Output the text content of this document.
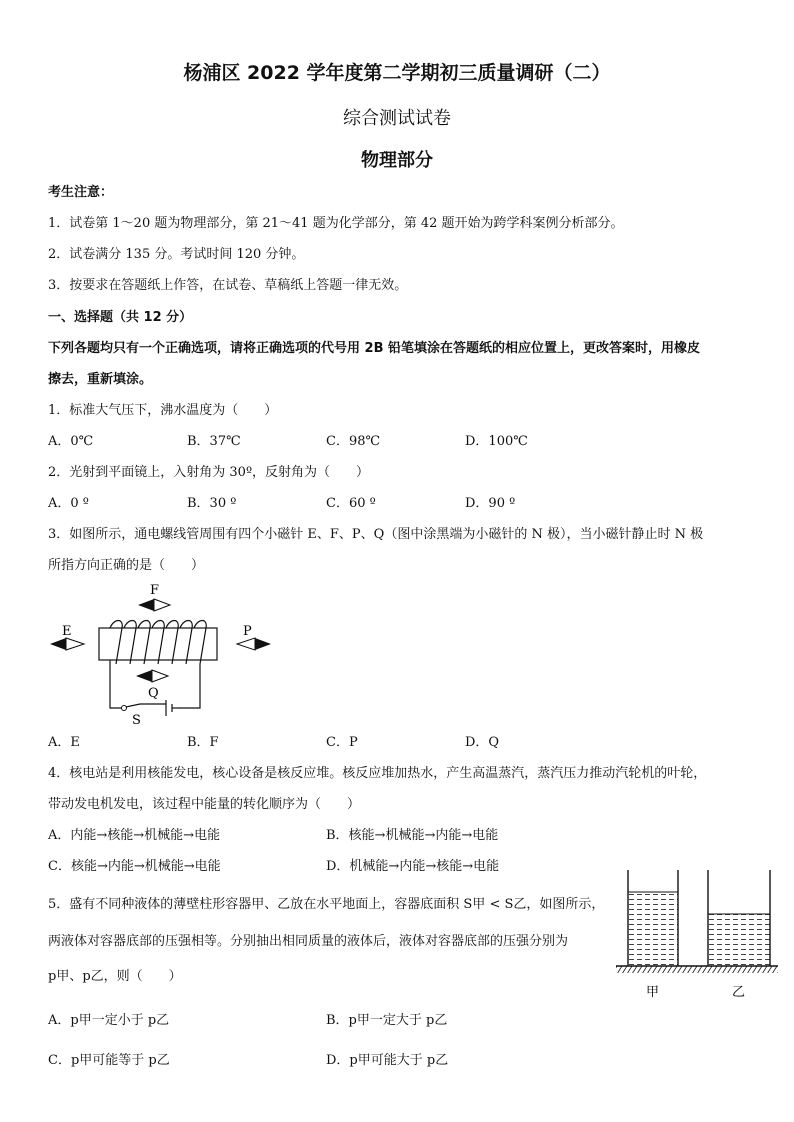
杨浦区 2022 学年度第二学期初三质量调研（二）
综合测试试卷
物理部分
考生注意：
1．试卷第 1～20 题为物理部分，第 21～41 题为化学部分，第 42 题开始为跨学科案例分析部分。
2．试卷满分 135 分。考试时间 120 分钟。
3．按要求在答题纸上作答，在试卷、草稿纸上答题一律无效。
一、选择题（共 12 分）
下列各题均只有一个正确选项，请将正确选项的代号用 2B 铅笔填涂在答题纸的相应位置上，更改答案时，用橡皮
擦去，重新填涂。
1．标准大气压下，沸水温度为（　　）
A．0℃	B．37℃	C．98℃	D．100℃
2．光射到平面镜上，入射角为 30º，反射角为（　　）
A．0 º	B．30 º	C．60 º	D．90 º
3．如图所示，通电螺线管周围有四个小磁针 E、F、P、Q（图中涂黑端为小磁针的 N 极），当小磁针静止时 N 极
所指方向正确的是（　　）
F
E	P
Q
S
A．E	B．F	C．P	D．Q
4．核电站是利用核能发电，核心设备是核反应堆。核反应堆加热水，产生高温蒸汽，蒸汽压力推动汽轮机的叶轮，
带动发电机发电，该过程中能量的转化顺序为（　　）
A．内能→核能→机械能→电能	B．核能→机械能→内能→电能
C．核能→内能→机械能→电能	D．机械能→内能→核能→电能
5．盛有不同种液体的薄壁柱形容器甲、乙放在水平地面上，容器底面积 S甲 < S乙，如图所示，
两液体对容器底部的压强相等。分别抽出相同质量的液体后，液体对容器底部的压强分别为
p甲、p乙，则（　　）
甲	乙
A．p甲一定小于 p乙	B．p甲一定大于 p乙
C．p甲可能等于 p乙	D．p甲可能大于 p乙
